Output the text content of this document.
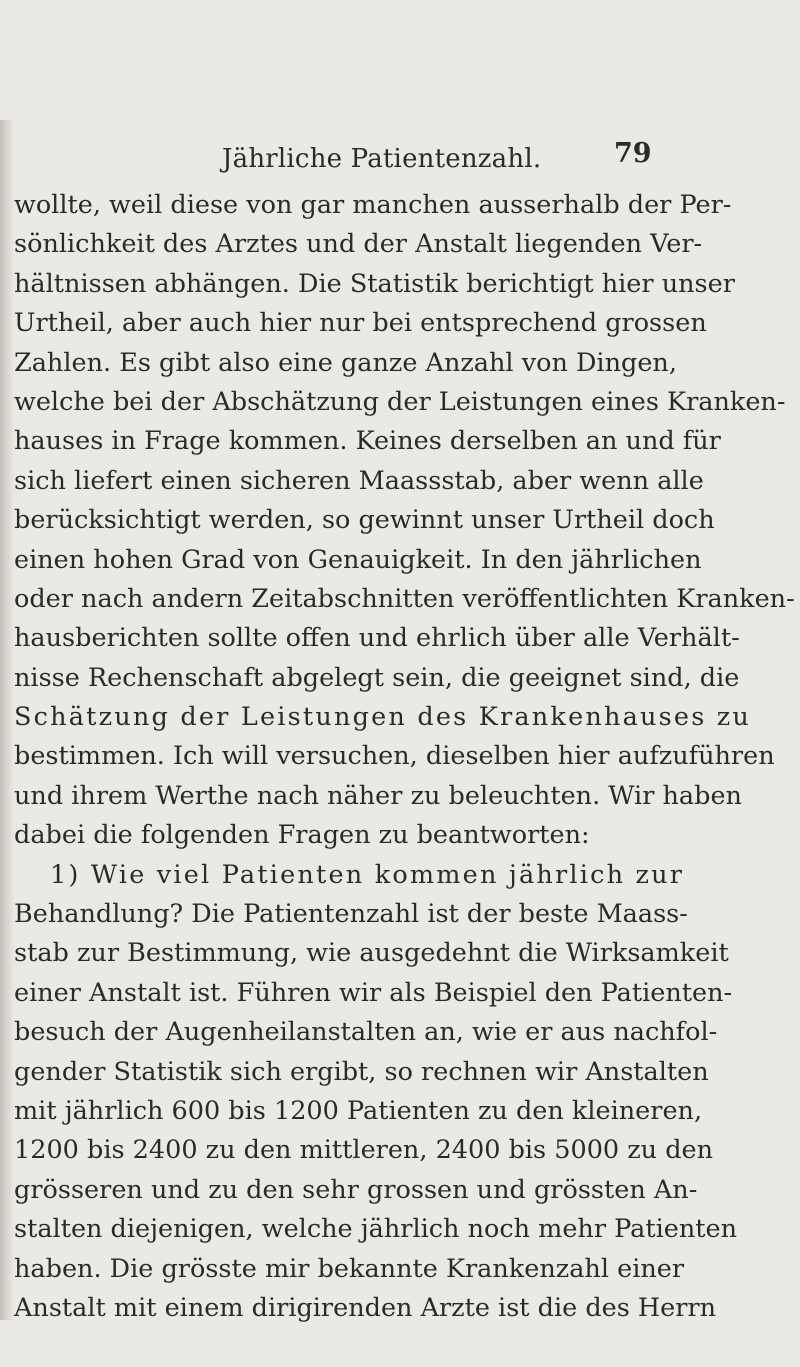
Jährliche Patientenzahl.	79
wollte, weil diese von gar manchen ausserhalb der Per-
sönlichkeit des Arztes und der Anstalt liegenden Ver-
hältnissen abhängen. Die Statistik berichtigt hier unser
Urtheil, aber auch hier nur bei entsprechend grossen
Zahlen. Es gibt also eine ganze Anzahl von Dingen,
welche bei der Abschätzung der Leistungen eines Kranken-
hauses in Frage kommen. Keines derselben an und für
sich liefert einen sicheren Maassstab, aber wenn alle
berücksichtigt werden, so gewinnt unser Urtheil doch
einen hohen Grad von Genauigkeit. In den jährlichen
oder nach andern Zeitabschnitten veröffentlichten Kranken-
hausberichten sollte offen und ehrlich über alle Verhält-
nisse Rechenschaft abgelegt sein, die geeignet sind, die
Schätzung der Leistungen des Krankenhauses zu
bestimmen. Ich will versuchen, dieselben hier aufzuführen
und ihrem Werthe nach näher zu beleuchten. Wir haben
dabei die folgenden Fragen zu beantworten:
1) Wie viel Patienten kommen jährlich zur
Behandlung? Die Patientenzahl ist der beste Maass-
stab zur Bestimmung, wie ausgedehnt die Wirksamkeit
einer Anstalt ist. Führen wir als Beispiel den Patienten-
besuch der Augenheilanstalten an, wie er aus nachfol-
gender Statistik sich ergibt, so rechnen wir Anstalten
mit jährlich 600 bis 1200 Patienten zu den kleineren,
1200 bis 2400 zu den mittleren, 2400 bis 5000 zu den
grösseren und zu den sehr grossen und grössten An-
stalten diejenigen, welche jährlich noch mehr Patienten
haben. Die grösste mir bekannte Krankenzahl einer
Anstalt mit einem dirigirenden Arzte ist die des Herrn
